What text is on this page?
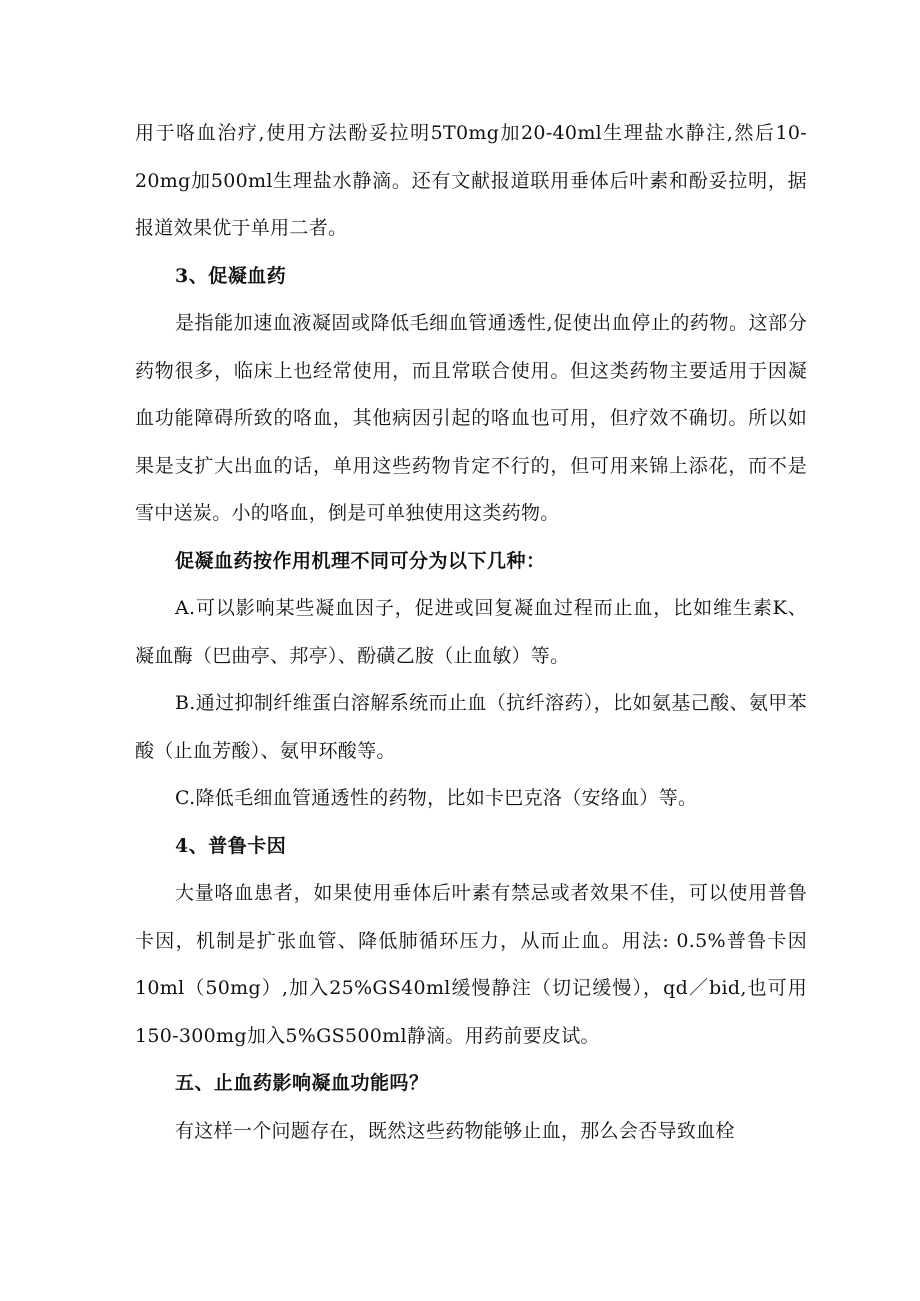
用于咯血治疗,使用方法酚妥拉明5T0mg加20-40ml生理盐水静注,然后10-20mg加500ml生理盐水静滴。还有文献报道联用垂体后叶素和酚妥拉明，据报道效果优于单用二者。

3、促凝血药

是指能加速血液凝固或降低毛细血管通透性,促使出血停止的药物。这部分药物很多，临床上也经常使用，而且常联合使用。但这类药物主要适用于因凝血功能障碍所致的咯血，其他病因引起的咯血也可用，但疗效不确切。所以如果是支扩大出血的话，单用这些药物肯定不行的，但可用来锦上添花，而不是雪中送炭。小的咯血，倒是可单独使用这类药物。

促凝血药按作用机理不同可分为以下几种：

A.可以影响某些凝血因子，促进或回复凝血过程而止血，比如维生素K、凝血酶（巴曲亭、邦亭）、酚磺乙胺（止血敏）等。

B.通过抑制纤维蛋白溶解系统而止血（抗纤溶药），比如氨基己酸、氨甲苯酸（止血芳酸）、氨甲环酸等。

C.降低毛细血管通透性的药物，比如卡巴克洛（安络血）等。

4、普鲁卡因

大量咯血患者，如果使用垂体后叶素有禁忌或者效果不佳，可以使用普鲁卡因，机制是扩张血管、降低肺循环压力，从而止血。用法: 0.5%普鲁卡因10ml（50mg）,加入25%GS40ml缓慢静注（切记缓慢），qd／bid,也可用150-300mg加入5%GS500ml静滴。用药前要皮试。

五、止血药影响凝血功能吗？

有这样一个问题存在，既然这些药物能够止血，那么会否导致血栓
